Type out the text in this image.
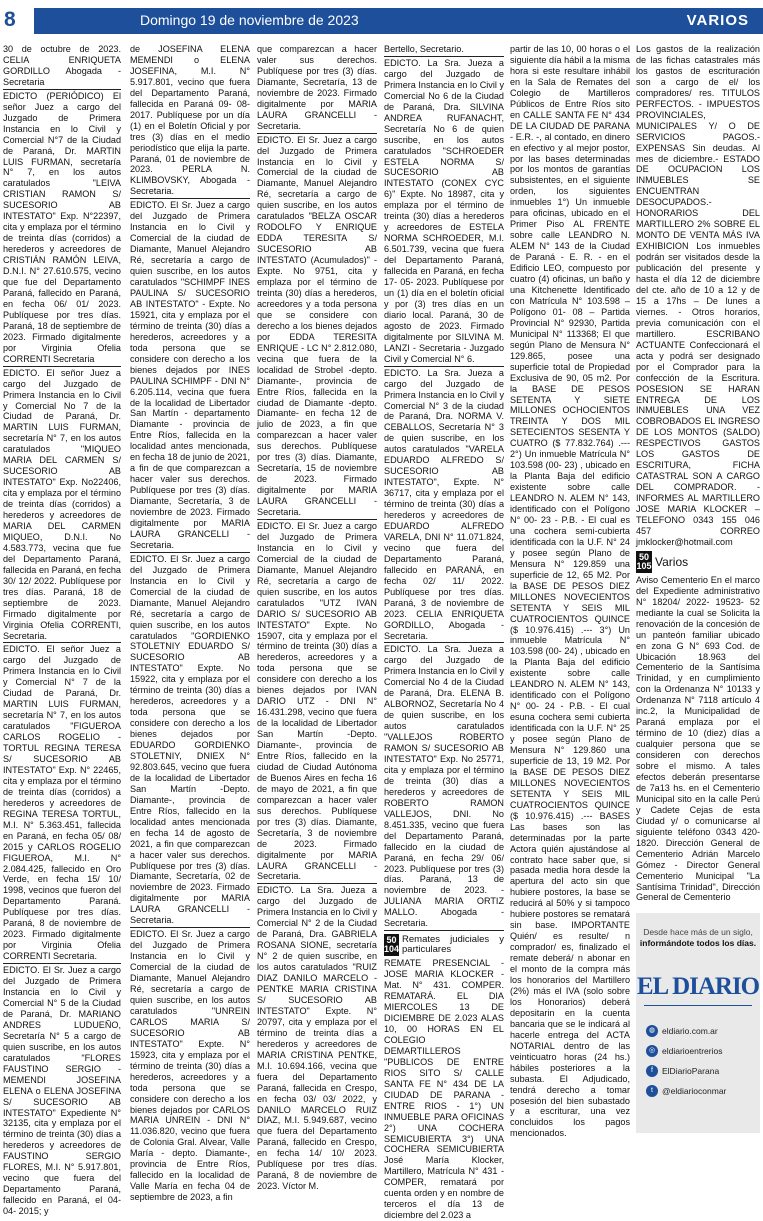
8	Domingo 19 de noviembre de 2023	VARIOS

30 de octubre de 2023. CELIA ENRIQUETA GORDILLO Abogada - Secretaria

EDICTO (PERIÓDICO) El señor Juez a cargo del Juzgado de Primera Instancia en lo Civil y Comercial N°7 de la Ciudad de Paraná, Dr. MARTIN LUIS FURMAN, secretaría N° 7, en los autos caratulados "LEIVA CRISTIAN RAMON S/ SUCESORIO AB INTESTATO" Exp. N°22397, cita y emplaza por el término de treinta días (corridos) a herederos y acreedores de CRISTIÁN RAMÓN LEIVA, D.N.I. N° 27.610.575, vecino que fue del Departamento Paraná, fallecido en Paraná, en fecha 06/ 01/ 2023. Publíquese por tres días. Paraná, 18 de septiembre de 2023. Firmado digitalmente por Virginia Ofelia CORRENTI Secretaria

EDICTO. El señor Juez a cargo del Juzgado de Primera Instancia en lo Civil y Comercial No 7 de la Ciudad de Paraná, Dr. MARTIN LUIS FURMAN, secretaría N° 7, en los autos caratulados "MIQUEO MARIA DEL CARMEN S/ SUCESORIO AB INTESTATO" Exp. No22406, cita y emplaza por el término de treinta días (corridos) a herederos y acreedores de MARIA DEL CARMEN MIQUEO, D.N.I. No 4.583.773, vecina que fue del Departamento Paraná, fallecida en Paraná, en fecha 30/ 12/ 2022. Publíquese por tres días. Paraná, 18 de septiembre de 2023. Firmado digitalmente por Virginia Ofelia CORRENTI, Secretaria.

EDICTO. El señor Juez a cargo del Juzgado de Primera Instancia en lo Civil y Comercial N° 7 de la Ciudad de Paraná, Dr. MARTIN LUIS FURMAN, secretaría N° 7, en los autos caratulados "FIGUEROA CARLOS ROGELIO - TORTUL REGINA TERESA S/ SUCESORIO AB INTESTATO" Exp. N° 22465, cita y emplaza por el término de treinta días (corridos) a herederos y acreedores de REGINA TERESA TORTUL, M.I. N° 5.363.451, fallecida en Paraná, en fecha 05/ 08/ 2015 y CARLOS ROGELIO FIGUEROA, M.I. N° 2.084.425, fallecido en Oro Verde, en fecha 15/ 10/ 1998, vecinos que fueron del Departamento Paraná. Publíquese por tres días. Paraná, 8 de noviembre de 2023. Firmado digitalmente por Virginia Ofelia CORRENTI Secretaria.

EDICTO. El Sr. Juez a cargo del Juzgado de Primera Instancia en lo Civil y Comercial N° 5 de la Ciudad de Paraná, Dr. MARIANO ANDRES LUDUEÑO, Secretaría N° 5 a cargo de quien suscribe, en los autos caratulados "FLORES FAUSTINO SERGIO - MEMENDI JOSEFINA ELENA o ELENA JOSEFINA S/ SUCESORIO AB INTESTATO" Expediente N° 32135, cita y emplaza por el término de treinta (30) días a herederos y acreedores de FAUSTINO SERGIO FLORES, M.I. N° 5.917.801, vecino que fuera del Departamento Paraná, fallecido en Paraná, el 04- 04- 2015; y

de JOSEFINA ELENA MEMENDI o ELENA JOSEFINA, M.I. N° 5.917.801, vecino que fuera del Departamento Paraná, fallecida en Paraná 09- 08- 2017. Publíquese por un día (1) en el Boletín Oficial y por tres (3) días en el medio periodístico que elija la parte. Paraná, 01 de noviembre de 2023. PERLA N. KLIMBOVSKY, Abogada - Secretaria.

EDICTO. El Sr. Juez a cargo del Juzgado de Primera Instancia en lo Civil y Comercial de la ciudad de Diamante, Manuel Alejandro Ré, secretaría a cargo de quien suscribe, en los autos caratulados "SCHIMPF INES PAULINA S/ SUCESORIO AB INTESTATO" - Expte. No 15921, cita y emplaza por el término de treinta (30) días a herederos, acreedores y a toda persona que se considere con derecho a los bienes dejados por INES PAULINA SCHIMPF - DNI N° 6.205.114, vecina que fuera de la localidad de Libertador San Martín - departamento Diamante - provincia de Entre Ríos, fallecida en la localidad antes mencionada, en fecha 18 de junio de 2021, a fin de que comparezcan a hacer valer sus derechos. Publíquese por tres (3) días. Diamante, Secretaría, 3 de noviembre de 2023. Firmado digitalmente por MARIA LAURA GRANCELLI - Secretaria.

EDICTO. El Sr. Juez a cargo del Juzgado de Primera Instancia en lo Civil y Comercial de la ciudad de Diamante, Manuel Alejandro Ré, secretaría a cargo de quien suscribe, en los autos caratulados "GORDIENKO STOLETNIY EDUARDO S/ SUCESORIO AB INTESTATO" Expte. No 15922, cita y emplaza por el término de treinta (30) días a herederos, acreedores y a toda persona que se considere con derecho a los bienes dejados por EDUARDO GORDIENKO STOLETNIY, DNIEX N° 92.803.645, vecino que fuera de la localidad de Libertador San Martín -Depto. Diamante-, provincia de Entre Ríos, fallecido en la localidad antes mencionada en fecha 14 de agosto de 2021, a fin que comparezcan a hacer valer sus derechos. Publíquese por tres (3) días. Diamante, Secretaría, 02 de noviembre de 2023. Firmado digitalmente por MARIA LAURA GRANCELLI - Secretaria.

EDICTO. El Sr. Juez a cargo del Juzgado de Primera Instancia en lo Civil y Comercial de la ciudad de Diamante, Manuel Alejandro Ré, secretaría a cargo de quien suscribe, en los autos caratulados "UNREIN CARLOS MARIA S/ SUCESORIO AB INTESTATO" Expte. N° 15923, cita y emplaza por el término de treinta (30) días a herederos, acreedores y a toda persona que se considere con derecho a los bienes dejados por CARLOS MARIA UNREIN - DNI N° 11.036.820, vecino que fuera de Colonia Gral. Alvear, Valle María - depto. Diamante-, provincia de Entre Ríos, fallecido en la localidad de Valle María en fecha 04 de septiembre de 2023, a fin

que comparezcan a hacer valer sus derechos. Publíquese por tres (3) días. Diamante, Secretaría, 13 de noviembre de 2023. Firmado digitalmente por MARIA LAURA GRANCELLI - Secretaria.

EDICTO. El Sr. Juez a cargo del Juzgado de Primera Instancia en lo Civil y Comercial de la ciudad de Diamante, Manuel Alejandro Ré, secretaría a cargo de quien suscribe, en los autos caratulados "BELZA OSCAR RODOLFO Y ENRIQUE EDDA TERESITA S/ SUCESORIO AB INTESTATO (Acumulados)" - Expte. No 9751, cita y emplaza por el término de treinta (30) días a herederos, acreedores y a toda persona que se considere con derecho a los bienes dejados por EDDA TERESITA ENRIQUE - LC N° 2.812.080, vecina que fuera de la localidad de Strobel -depto. Diamante-, provincia de Entre Ríos, fallecida en la ciudad de Diamante -depto. Diamante- en fecha 12 de julio de 2023, a fin que comparezcan a hacer valer sus derechos. Publíquese por tres (3) días. Diamante, Secretaría, 15 de noviembre de 2023. Firmado digitalmente por MARIA LAURA GRANCELLI - Secretaria.

EDICTO. El Sr. Juez a cargo del Juzgado de Primera Instancia en lo Civil y Comercial de la ciudad de Diamante, Manuel Alejandro Ré, secretaría a cargo de quien suscribe, en los autos caratulados "UTZ IVAN DARIO S/ SUCESORIO AB INTESTATO" Expte. No 15907, cita y emplaza por el término de treinta (30) días a herederos, acreedores y a toda persona que se considere con derecho a los bienes dejados por IVAN DARIO UTZ - DNI N° 16.431.298, vecino que fuera de la localidad de Libertador San Martín -Depto. Diamante-, provincia de Entre Ríos, fallecido en la ciudad de Ciudad Autónoma de Buenos Aires en fecha 16 de mayo de 2021, a fin que comparezcan a hacer valer sus derechos. Publíquese por tres (3) días. Diamante, Secretaría, 3 de noviembre de 2023. Firmado digitalmente por MARIA LAURA GRANCELLI - Secretaria.

EDICTO. La Sra. Jueza a cargo del Juzgado de Primera Instancia en lo Civil y Comercial N° 2 de la Ciudad de Paraná, Dra. GABRIELA ROSANA SIONE, secretaría N° 2 de quien suscribe, en los autos caratulados "RUIZ DIAZ DANILO MARCELO - PENTKE MARIA CRISTINA S/ SUCESORIO AB INTESTATO" Expte. N° 20797, cita y emplaza por el término de treinta días a herederos y acreedores de MARIA CRISTINA PENTKE, M.I. 10.694.166, vecina que fuera del Departamento Paraná, fallecida en Crespo, en fecha 03/ 03/ 2022, y DANILO MARCELO RUIZ DIAZ, M.I. 5.949.687, vecino que fuera del Departamento Paraná, fallecido en Crespo, en fecha 14/ 10/ 2023. Publíquese por tres días. Paraná, 8 de noviembre de 2023. Víctor M.

Bertello, Secretario.

EDICTO. La Sra. Jueza a cargo del Juzgado de Primera Instancia en lo Civil y Comercial No 6 de la Ciudad de Paraná, Dra. SILVINA ANDREA RUFANACHT, Secretaría No 6 de quien suscribe, en los autos caratulados "SCHROEDER ESTELA NORMA S/ SUCESORIO AB INTESTATO (CONEX CYC 6)" Expte. No 18987, cita y emplaza por el término de treinta (30) días a herederos y acreedores de ESTELA NORMA SCHROEDER, M.I. 6.501.739, vecina que fuera del Departamento Paraná, fallecida en Paraná, en fecha 17- 05- 2023. Publíquese por un (1) día en el boletín oficial y por (3) tres días en un diario local. Paraná, 30 de agosto de 2023. Firmado digitalmente por SILVINA M. LANZI - Secretaria - Juzgado Civil y Comercial N° 6.

EDICTO. La Sra. Jueza a cargo del Juzgado de Primera Instancia en lo Civil y Comercial N° 3 de la ciudad de Paraná, Dra. NORMA V. CEBALLOS, Secretaría N° 3 de quien suscribe, en los autos caratulados "VARELA EDUARDO ALFREDO S/ SUCESORIO AB INTESTATO", Expte. N° 36717, cita y emplaza por el término de treinta (30) días a herederos y acreedores de EDUARDO ALFREDO VARELA, DNI N° 11.071.824, vecino que fuera del Departamento Paraná, fallecido en PARANÁ, en fecha 02/ 11/ 2022. Publíquese por tres días. Paraná, 3 de noviembre de 2023. CELIA ENRIQUETA GORDILLO, Abogada - Secretaria.

EDICTO. La Sra. Jueza a cargo del Juzgado de Primera Instancia en lo Civil y Comercial No 4 de la Ciudad de Paraná, Dra. ELENA B. ALBORNOZ, Secretaría No 4 de quien suscribe, en los autos caratulados "VALLEJOS ROBERTO RAMON S/ SUCESORIO AB INTESTATO" Exp. No 25771, cita y emplaza por el término de treinta (30) días a herederos y acreedores de ROBERTO RAMON VALLEJOS, DNI. No 8.451.335, vecino que fuera del Departamento Paraná, fallecido en la ciudad de Paraná, en fecha 29/ 06/ 2023. Publíquese por tres (3) días. Paraná, 13 de noviembre de 2023. - JULIANA MARIA ORTIZ MALLO. Abogada - Secretaria.

50 104
Remates judiciales y particulares

REMATE PRESENCIAL - JOSE MARIA KLOCKER - Mat. N° 431. COMPER. REMATARÁ. EL DIA MIERCOLES 13 DE DICIEMBRE DE 2.023 ALAS 10, 00 HORAS EN EL COLEGIO DEMARTILLEROS "PUBLICOS DE ENTRE RIOS SITO S/ CALLE SANTA FE N° 434 DE LA CIUDAD DE PARANA - ENTRE RIOS - 1°) UN INMUEBLE PARA OFICINAS 2°) UNA COCHERA SEMICUBIERTA 3°) UNA COCHERA SEMICUBIERTA José María Klocker, Martillero, Matrícula N° 431 -COMPER, rematará por cuenta orden y en nombre de terceros el día 13 de diciembre del 2.023 a

partir de las 10, 00 horas o el siguiente día hábil a la misma hora si este resultare inhábil en la Sala de Remates del Colegio de Martilleros Públicos de Entre Ríos sito en CALLE SANTA FE N° 434 DE LA CIUDAD DE PARANA - E.R. -, al contado, en dinero en efectivo y al mejor postor, por las bases determinadas por los montos de garantías subsistentes, en el siguiente orden, los siguientes inmuebles 1°) Un inmueble para oficinas, ubicado en el Primer Piso AL FRENTE sobre calle LEANDRO N. ALEM N° 143 de la Ciudad de Paraná - E. R. - en el Edificio LEO, compuesto por cuatro (4) oficinas, un baño y una Kitchenette Identificado con Matrícula N° 103.598 – Polígono 01- 08 – Partida Provincial N° 92930, Partida Municipal N° 113368; El que según Plano de Mensura N° 129.865, posee una superficie total de Propiedad Exclusiva de 90, 05 m2. Por la BASE DE PESOS SETENTA Y SIETE MILLONES OCHOCIENTOS TREINTA Y DOS MIL SETECIENTOS SESENTA Y CUATRO ($ 77.832.764) .--- 2°) Un inmueble Matrícula N° 103.598 (00- 23) , ubicado en la Planta Baja del edificio existente sobre calle LEANDRO N. ALEM N° 143, identificado con el Polígono N° 00- 23 - P.B. - El cual es una cochera semi-cubierta identificada con la U.F. N° 24 y posee según Plano de Mensura N° 129.859 una superficie de 12, 65 M2. Por la BASE DE PESOS DIEZ MILLONES NOVECIENTOS SETENTA Y SEIS MIL CUATROCIENTOS QUINCE ($ 10.976.415) .--- 3°) Un inmueble Matrícula N° 103.598 (00- 24) , ubicado en la Planta Baja del edificio existente sobre calle LEANDRO N. ALEM N° 143, identificado con el Polígono N° 00- 24 - P.B. - El cual esuna cochera semi cubierta identificada con la U.F. N° 25 y posee según Plano de Mensura N° 129.860 una superficie de 13, 19 M2. Por la BASE DE PESOS DIEZ MILLONES NOVECIENTOS SETENTA Y SEIS MIL CUATROCIENTOS QUINCE ($ 10.976.415) .--- BASES Las bases son las determinadas por la parte Actora quién ajustándose al contrato hace saber que, si pasada media hora desde la apertura del acto sin que hubiere postores, la base se reducirá al 50% y si tampoco hubiere postores se rematará sin base. IMPORTANTE Quién/ es resulte/ n comprador/ es, finalizado el remate deberá/ n abonar en el monto de la compra más los honorarios del Martillero (2%) más el IVA (solo sobre los Honorarios) deberá depositarin en la cuenta bancaria que se le indicará al hacerle entrega del ACTA NOTARIAL dentro de las veinticuatro horas (24 hs.) hábiles posteriores a la subasta. El Adjudicado, tendrá derecho a tomar posesión del bien subastado y a escriturar, una vez concluidos los pagos mencionados.

Los gastos de la realización de las fichas catastrales más los gastos de escrituración son a cargo de el/ los compradores/ res. TITULOS PERFECTOS. - IMPUESTOS PROVINCIALES, MUNICIPALES Y/ O DE SERVICIOS PAGOS.-EXPENSAS Sin deudas. Al mes de diciembre.- ESTADO DE OCUPACION LOS INMUEBLES SE ENCUENTRAN DESOCUPADOS.- HONORARIOS DEL MARTILLERO 2% SOBRE EL MONTO DE VENTA MÁS IVA EXHIBICION Los inmuebles podrán ser visitados desde la publicación del presente y hasta el día 12 de diciembre del cte. año de 10 a 12 y de 15 a 17hs – De lunes a viernes. - Otros horarios, previa comunicación con el martillero. ESCRIBANO ACTUANTE Confeccionará el acta y podrá ser designado por el Comprador para la confección de la Escritura. POSESION SE HARAN ENTREGA DE LOS INMUEBLES UNA VEZ COBROBADOS EL INGRESO DE LOS MONTOS (SALDO) RESPECTIVOS GASTOS LOS GASTOS DE ESCRITURA, FICHA CATASTRAL SON A CARGO DEL COMPRADOR. - INFORMES AL MARTILLERO JOSE MARIA KLOCKER – TELEFONO 0343 155 046 457 CORREO jmklocker@hotmail.com

50 105 Varios

Aviso Cementerio En el marco del Expediente administrativo N° 18204/ 2022- 19523- 52 mediante la cual se Solicita la renovación de la concesión de un panteón familiar ubicado en zona G N° 693 Cod. de Ubicación 18.963 del Cementerio de la Santísima Trinidad, y en cumplimiento con la Ordenanza N° 10133 y Ordenanza N° 7118 artículo 4 inc.2, la Municipalidad de Paraná emplaza por el término de 10 (diez) días a cualquier persona que se consideren con derechos sobre el mismo. A tales efectos deberán presentarse de 7a13 hs. en el Cementerio Municipal sito en la calle Perú y Cadete Cejas de esta Ciudad y/ o comunicarse al siguiente teléfono 0343 420- 1820. Dirección General de Cementerio Adrián Marcelo Gómez - Director General Cementerio Municipal "La Santísima Trinidad", Dirección General de Cementerio

Desde hace más de un siglo,
informándote todos los días.
EL DIARIO
◍ eldiario.com.ar
◎ eldiarioentrerios
f	ElDiarioParana
t	@eldiarioconmar
